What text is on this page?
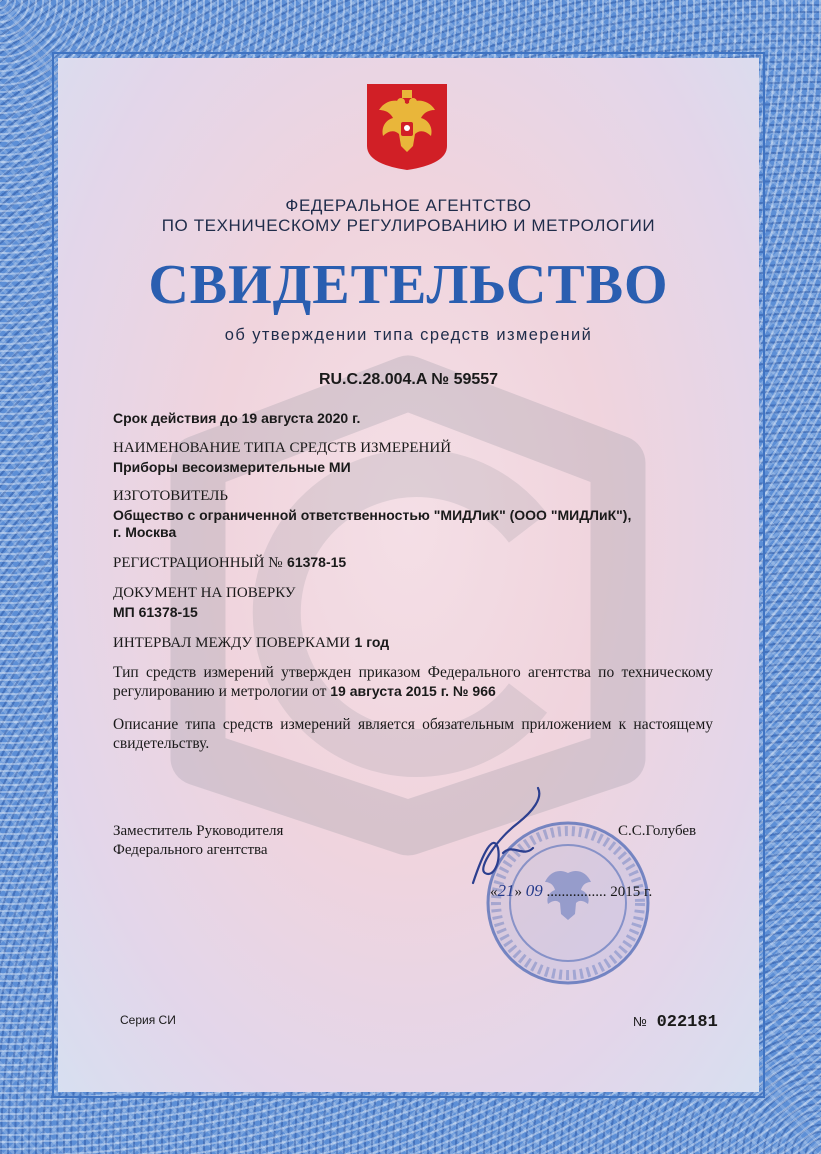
ФЕДЕРАЛЬНОЕ АГЕНТСТВО
ПО ТЕХНИЧЕСКОМУ РЕГУЛИРОВАНИЮ И МЕТРОЛОГИИ
СВИДЕТЕЛЬСТВО
об утверждении типа средств измерений
RU.C.28.004.A № 59557
Срок действия до 19 августа 2020 г.
НАИМЕНОВАНИЕ ТИПА СРЕДСТВ ИЗМЕРЕНИЙ
Приборы весоизмерительные МИ
ИЗГОТОВИТЕЛЬ
Общество с ограниченной ответственностью "МИДЛиК" (ООО "МИДЛиК"),
г. Москва
РЕГИСТРАЦИОННЫЙ № 61378-15
ДОКУМЕНТ НА ПОВЕРКУ
МП 61378-15
ИНТЕРВАЛ МЕЖДУ ПОВЕРКАМИ 1 год
Тип средств измерений утвержден приказом Федерального агентства по техническому регулированию и метрологии от 19 августа 2015 г. № 966
Описание типа средств измерений является обязательным приложением к настоящему свидетельству.
Заместитель Руководителя
Федерального агентства
С.С.Голубев
«21» 09 ................ 2015 г.
Серия СИ	№ 022181
